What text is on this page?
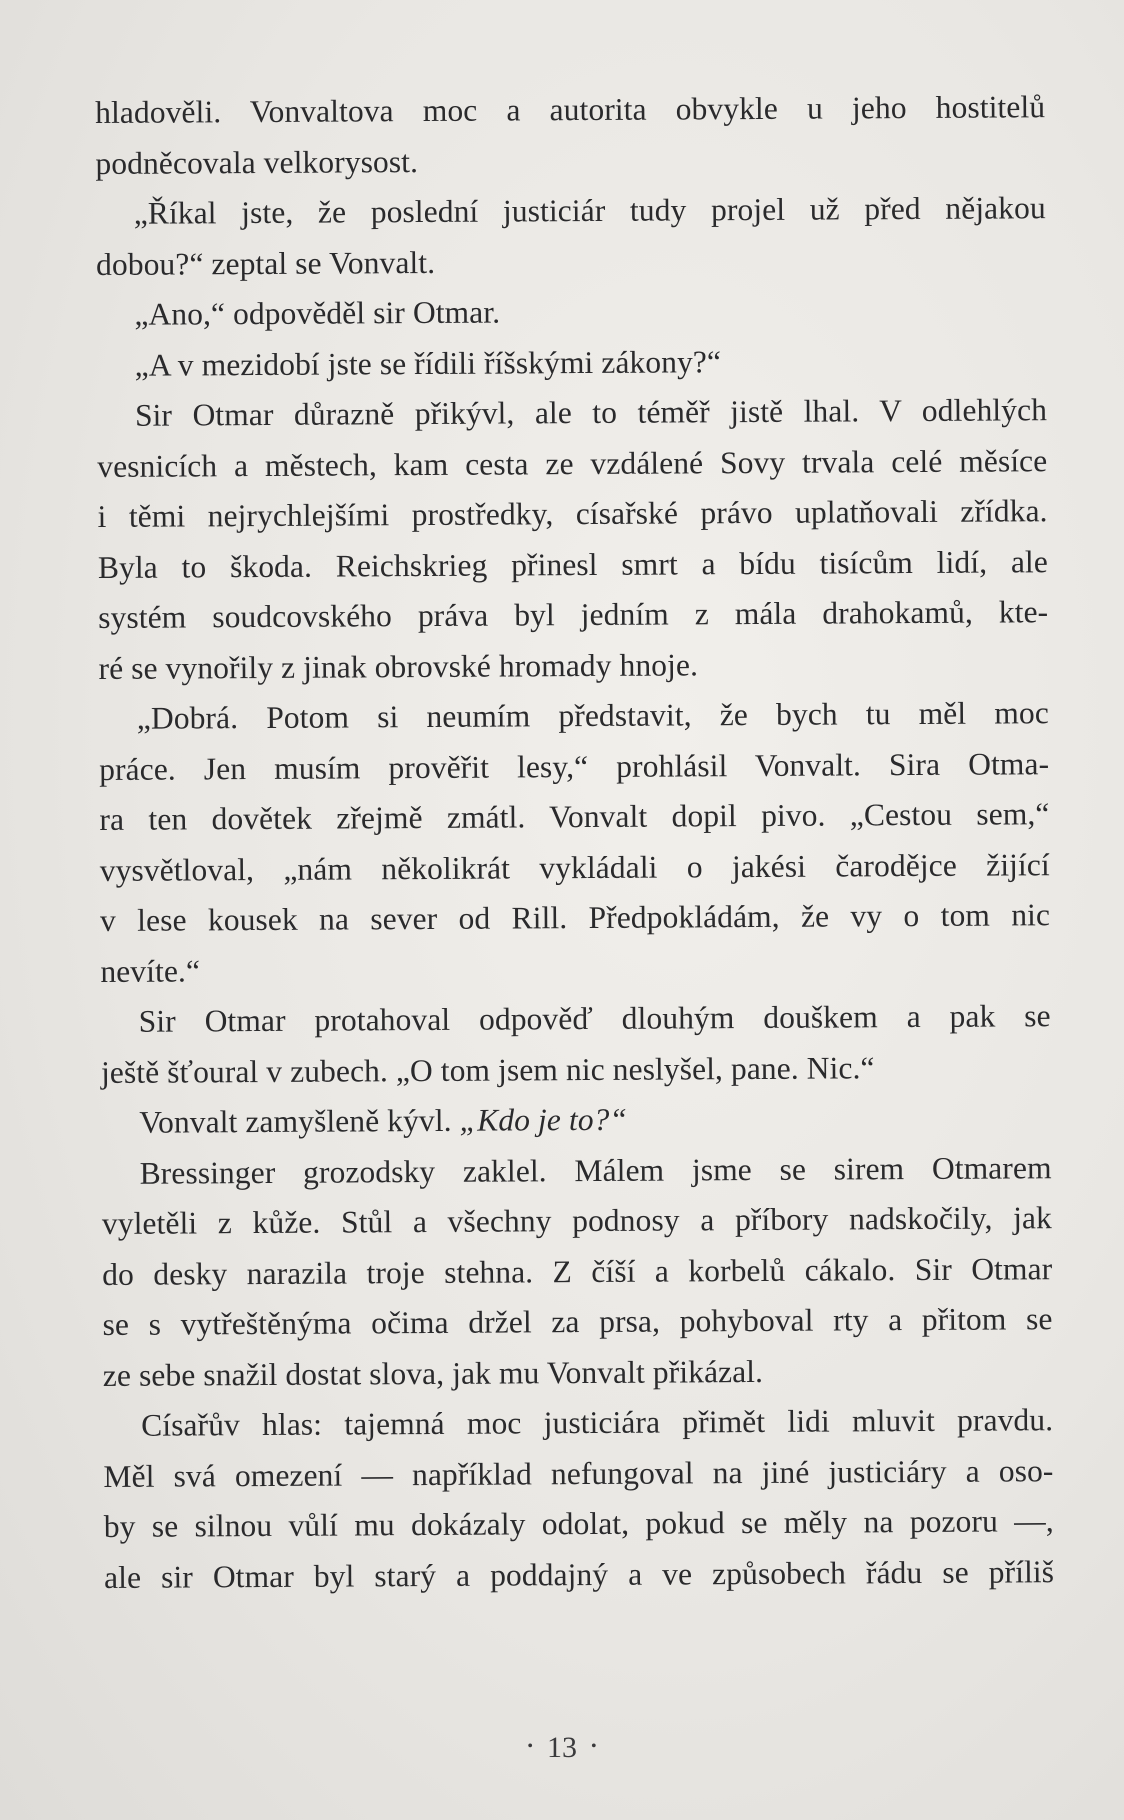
hladověli. Vonvaltova moc a autorita obvykle u jeho hostitelů
podněcovala velkorysost.
„Říkal jste, že poslední justiciár tudy projel už před nějakou
dobou?“ zeptal se Vonvalt.
„Ano,“ odpověděl sir Otmar.
„A v mezidobí jste se řídili říšskými zákony?“
Sir Otmar důrazně přikývl, ale to téměř jistě lhal. V odlehlých
vesnicích a městech, kam cesta ze vzdálené Sovy trvala celé měsíce
i těmi nejrychlejšími prostředky, císařské právo uplatňovali zřídka.
Byla to škoda. Reichskrieg přinesl smrt a bídu tisícům lidí, ale
systém soudcovského práva byl jedním z mála drahokamů, kte-
ré se vynořily z jinak obrovské hromady hnoje.
„Dobrá. Potom si neumím představit, že bych tu měl moc
práce. Jen musím prověřit lesy,“ prohlásil Vonvalt. Sira Otma-
ra ten dovětek zřejmě zmátl. Vonvalt dopil pivo. „Cestou sem,“
vysvětloval, „nám několikrát vykládali o jakési čarodějce žijící
v lese kousek na sever od Rill. Předpokládám, že vy o tom nic
nevíte.“
Sir Otmar protahoval odpověď dlouhým douškem a pak se
ještě šťoural v zubech. „O tom jsem nic neslyšel, pane. Nic.“
Vonvalt zamyšleně kývl. „Kdo je to?“
Bressinger grozodsky zaklel. Málem jsme se sirem Otmarem
vyletěli z kůže. Stůl a všechny podnosy a příbory nadskočily, jak
do desky narazila troje stehna. Z číší a korbelů cákalo. Sir Otmar
se s vytřeštěnýma očima držel za prsa, pohyboval rty a přitom se
ze sebe snažil dostat slova, jak mu Vonvalt přikázal.
Císařův hlas: tajemná moc justiciára přimět lidi mluvit pravdu.
Měl svá omezení — například nefungoval na jiné justiciáry a oso-
by se silnou vůlí mu dokázaly odolat, pokud se měly na pozoru —,
ale sir Otmar byl starý a poddajný a ve způsobech řádu se příliš
• 13 •
